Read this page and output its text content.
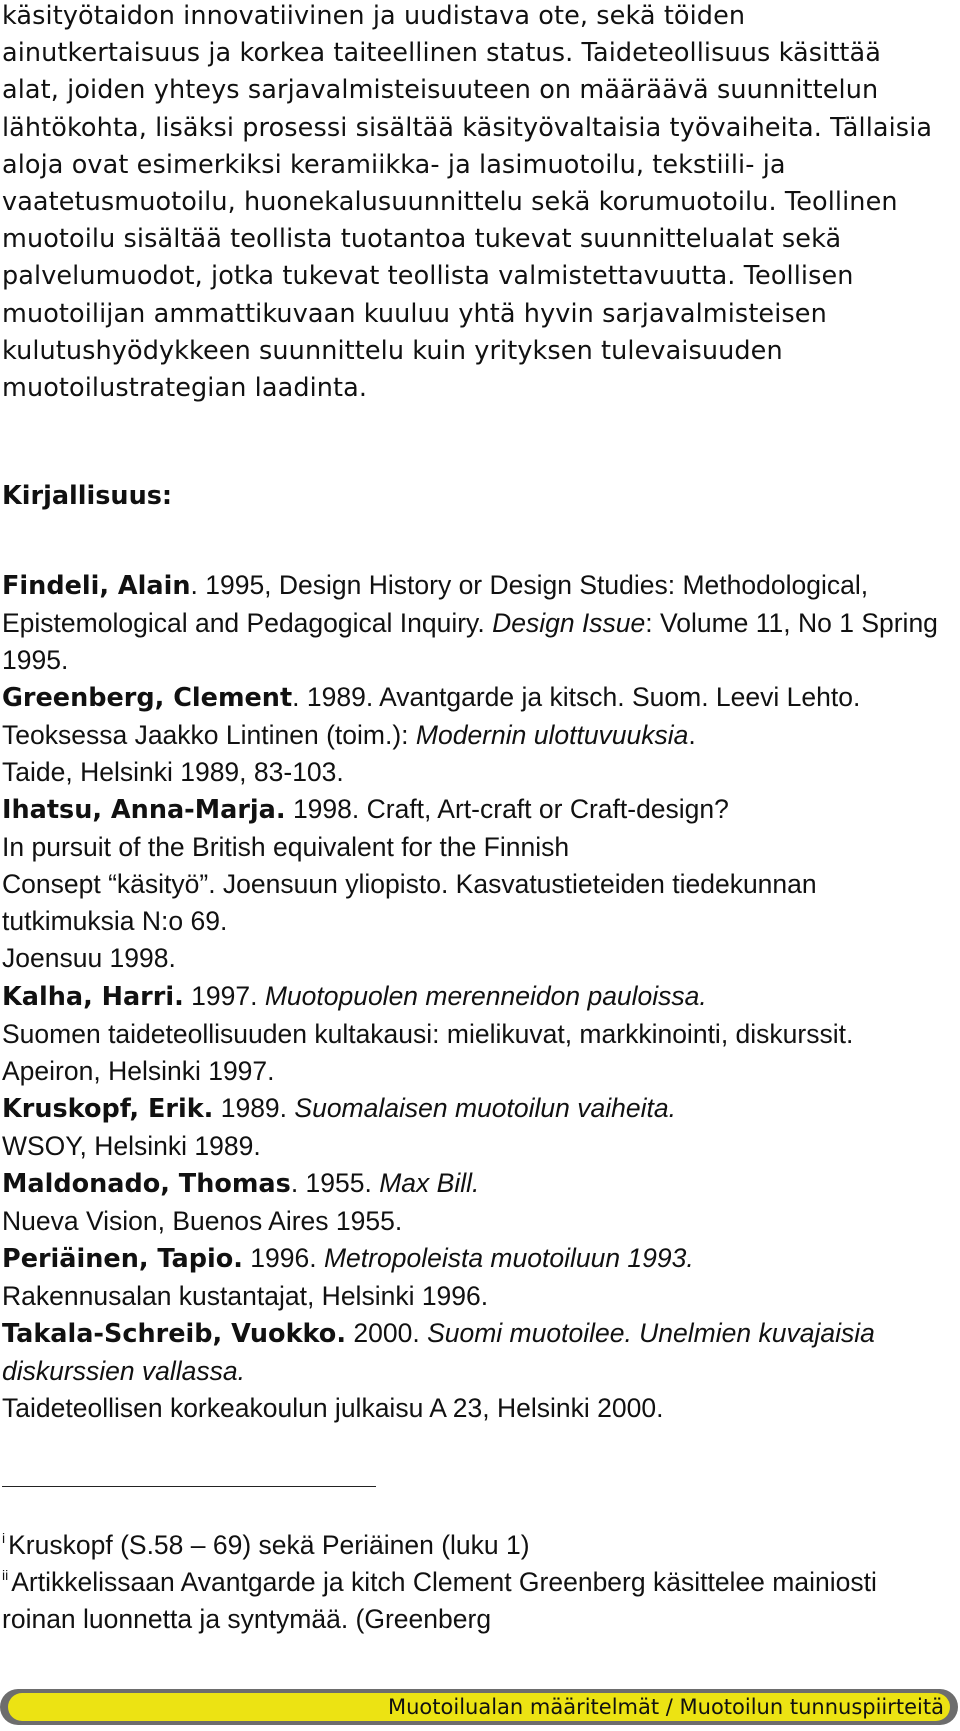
käsityötaidon innovatiivinen ja uudistava ote, sekä töiden ainutkertaisuus ja korkea taiteellinen status. Taideteollisuus käsittää alat, joiden yhteys sarjavalmisteisuuteen on määräävä suunnittelun lähtökohta, lisäksi prosessi sisältää käsityövaltaisia työvaiheita. Tällaisia aloja ovat esimerkiksi keramiikka- ja lasimuotoilu, tekstiili- ja vaatetusmuotoilu, huonekalusuunnittelu sekä korumuotoilu. Teollinen muotoilu sisältää teollista tuotantoa tukevat suunnittelualat sekä palvelumuodot, jotka tukevat teollista valmistettavuutta. Teollisen muotoilijan ammattikuvaan kuuluu yhtä hyvin sarjavalmisteisen kulutushyödykkeen suunnittelu kuin yrityksen tulevaisuuden muotoilustrategian laadinta.

Kirjallisuus:

Findeli, Alain. 1995, Design History or Design Studies: Methodological, Epistemological and Pedagogical Inquiry. Design Issue: Volume 11, No 1 Spring 1995.

Greenberg, Clement. 1989. Avantgarde ja kitsch. Suom. Leevi Lehto.
Teoksessa Jaakko Lintinen (toim.): Modernin ulottuvuuksia.
Taide, Helsinki 1989, 83-103.

Ihatsu, Anna-Marja. 1998. Craft, Art-craft or Craft-design?
In pursuit of the British equivalent for the Finnish
Consept “käsityö”. Joensuun yliopisto. Kasvatustieteiden tiedekunnan tutkimuksia N:o 69.
Joensuu 1998.

Kalha, Harri. 1997. Muotopuolen merenneidon pauloissa.
Suomen taideteollisuuden kultakausi: mielikuvat, markkinointi, diskurssit.
Apeiron, Helsinki 1997.

Kruskopf, Erik. 1989. Suomalaisen muotoilun vaiheita.
WSOY, Helsinki 1989.

Maldonado, Thomas. 1955. Max Bill.
Nueva Vision, Buenos Aires 1955.

Periäinen, Tapio. 1996. Metropoleista muotoiluun 1993.
Rakennusalan kustantajat, Helsinki 1996.

Takala-Schreib, Vuokko. 2000. Suomi muotoilee. Unelmien kuvajaisia diskurssien vallassa.
Taideteollisen korkeakoulun julkaisu A 23, Helsinki 2000.

$^i$ Kruskopf (S.58 – 69) sekä Periäinen (luku 1)

$^{ii}$ Artikkelissaan Avantgarde ja kitch Clement Greenberg käsittelee mainiosti roinan luonnetta ja syntymää. (Greenberg

Muotoilualan määritelmät / Muotoilun tunnuspiirteitä
